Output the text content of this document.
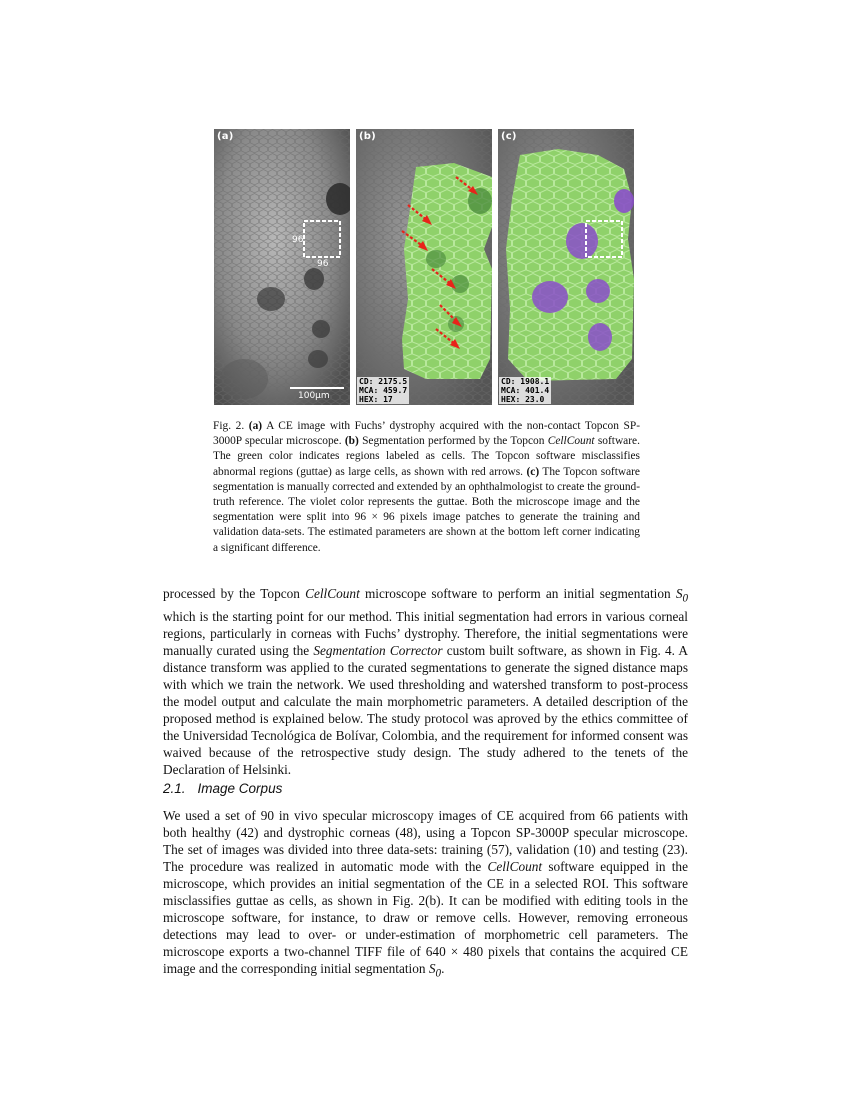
(a)
96
96
100µm
(b)
CD: 2175.5
MCA: 459.7
HEX: 17
(c)
CD: 1908.1
MCA: 401.4
HEX: 23.0
Fig. 2. (a) A CE image with Fuchs’ dystrophy acquired with the non-contact Topcon SP-3000P specular microscope. (b) Segmentation performed by the Topcon CellCount software. The green color indicates regions labeled as cells. The Topcon software misclassifies abnormal regions (guttae) as large cells, as shown with red arrows. (c) The Topcon software segmentation is manually corrected and extended by an ophthalmologist to create the ground-truth reference. The violet color represents the guttae. Both the microscope image and the segmentation were split into 96 × 96 pixels image patches to generate the training and validation data-sets. The estimated parameters are shown at the bottom left corner indicating a significant difference.

processed by the Topcon CellCount microscope software to perform an initial segmentation $S_0$ which is the starting point for our method. This initial segmentation had errors in various corneal regions, particularly in corneas with Fuchs’ dystrophy. Therefore, the initial segmentations were manually curated using the Segmentation Corrector custom built software, as shown in Fig. 4. A distance transform was applied to the curated segmentations to generate the signed distance maps with which we train the network. We used thresholding and watershed transform to post-process the model output and calculate the main morphometric parameters. A detailed description of the proposed method is explained below. The study protocol was aproved by the ethics committee of the Universidad Tecnológica de Bolívar, Colombia, and the requirement for informed consent was waived because of the retrospective study design. The study adhered to the tenets of the Declaration of Helsinki.

2.1. Image Corpus

We used a set of 90 in vivo specular microscopy images of CE acquired from 66 patients with both healthy (42) and dystrophic corneas (48), using a Topcon SP-3000P specular microscope. The set of images was divided into three data-sets: training (57), validation (10) and testing (23). The procedure was realized in automatic mode with the CellCount software equipped in the microscope, which provides an initial segmentation of the CE in a selected ROI. This software misclassifies guttae as cells, as shown in Fig. 2(b). It can be modified with editing tools in the microscope software, for instance, to draw or remove cells. However, removing erroneous detections may lead to over- or under-estimation of morphometric cell parameters. The microscope exports a two-channel TIFF file of 640 × 480 pixels that contains the acquired CE image and the corresponding initial segmentation $S_0$.
